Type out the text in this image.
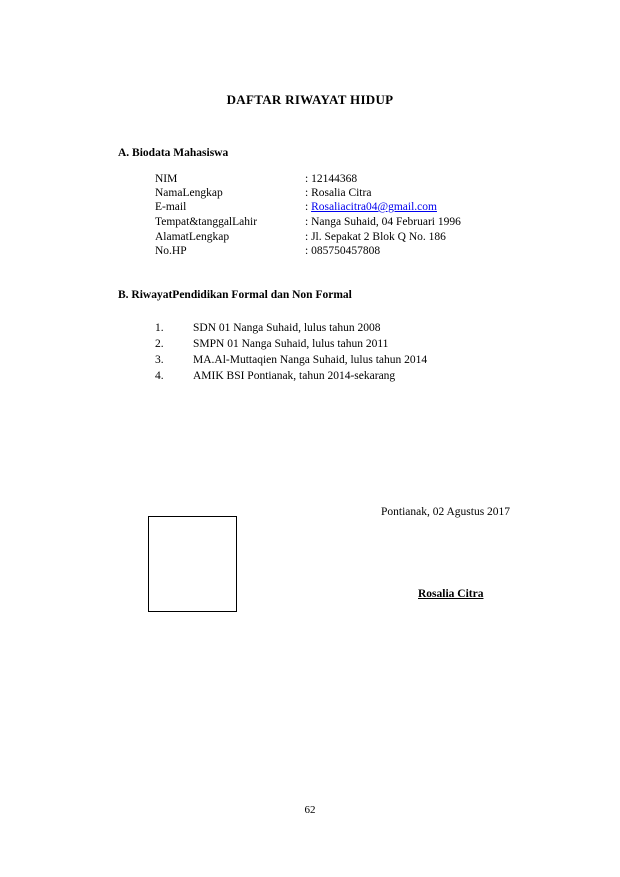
DAFTAR RIWAYAT HIDUP
A. Biodata Mahasiswa
NIM	: 12144368
NamaLengkap	: Rosalia Citra
E-mail	: Rosaliacitra04@gmail.com
Tempat&tanggalLahir	: Nanga Suhaid, 04 Februari 1996
AlamatLengkap	: Jl. Sepakat 2 Blok Q No. 186
No.HP	: 085750457808
B. RiwayatPendidikan Formal dan Non Formal
1.	SDN 01 Nanga Suhaid, lulus tahun 2008
2.	SMPN 01 Nanga Suhaid, lulus tahun 2011
3.	MA.Al-Muttaqien Nanga Suhaid, lulus tahun 2014
4.	AMIK BSI Pontianak, tahun 2014-sekarang
Pontianak, 02 Agustus 2017
Rosalia Citra
62
